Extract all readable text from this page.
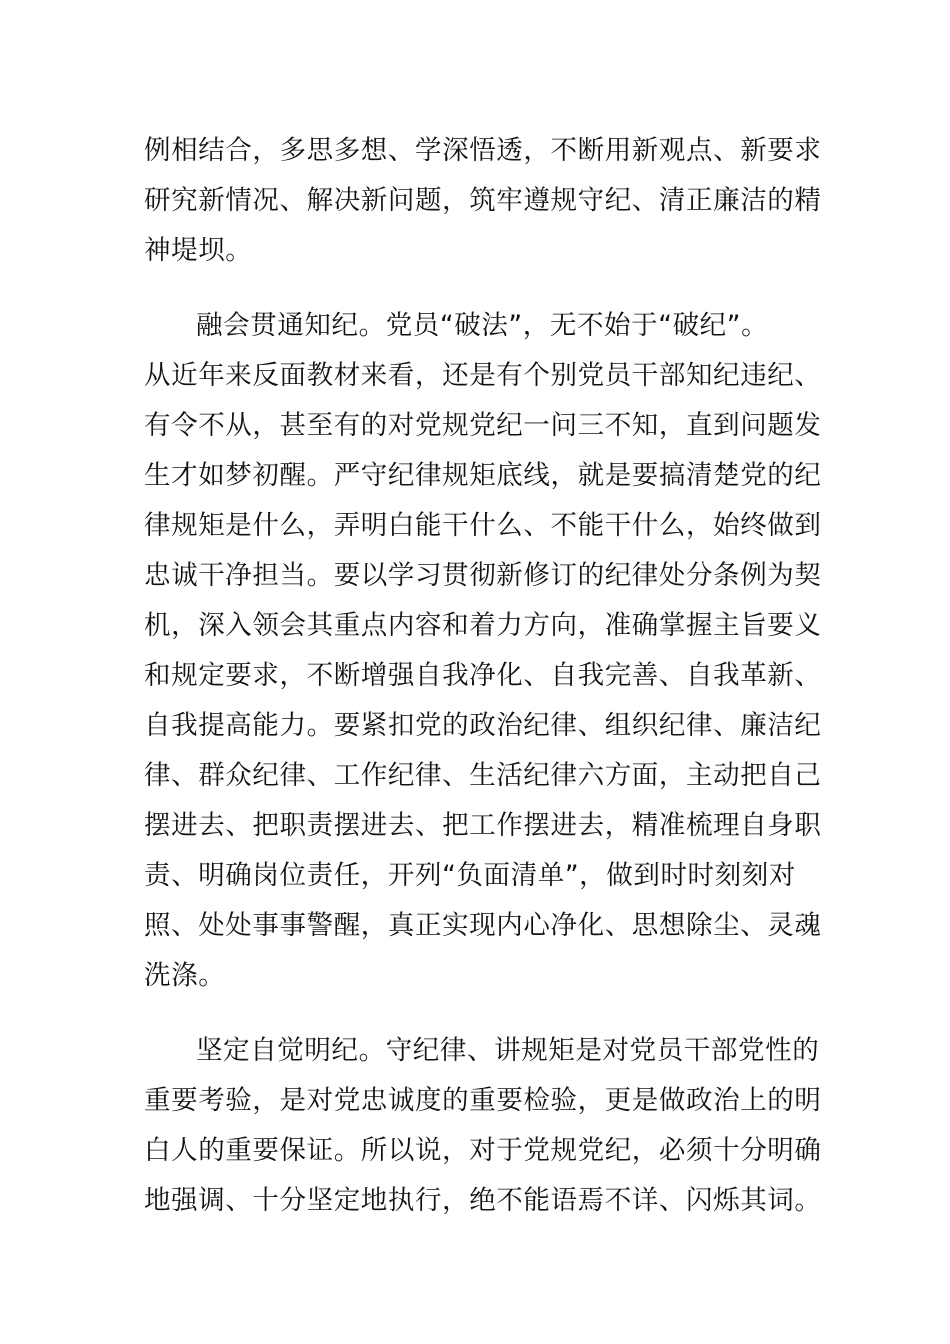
例相结合，多思多想、学深悟透，不断用新观点、新要求
研究新情况、解决新问题，筑牢遵规守纪、清正廉洁的精
神堤坝。
融会贯通知纪。党员“破法”，无不始于“破纪”。
从近年来反面教材来看，还是有个别党员干部知纪违纪、
有令不从，甚至有的对党规党纪一问三不知，直到问题发
生才如梦初醒。严守纪律规矩底线，就是要搞清楚党的纪
律规矩是什么，弄明白能干什么、不能干什么，始终做到
忠诚干净担当。要以学习贯彻新修订的纪律处分条例为契
机，深入领会其重点内容和着力方向，准确掌握主旨要义
和规定要求，不断增强自我净化、自我完善、自我革新、
自我提高能力。要紧扣党的政治纪律、组织纪律、廉洁纪
律、群众纪律、工作纪律、生活纪律六方面，主动把自己
摆进去、把职责摆进去、把工作摆进去，精准梳理自身职
责、明确岗位责任，开列“负面清单”，做到时时刻刻对
照、处处事事警醒，真正实现内心净化、思想除尘、灵魂
洗涤。
坚定自觉明纪。守纪律、讲规矩是对党员干部党性的
重要考验，是对党忠诚度的重要检验，更是做政治上的明
白人的重要保证。所以说，对于党规党纪，必须十分明确
地强调、十分坚定地执行，绝不能语焉不详、闪烁其词。
